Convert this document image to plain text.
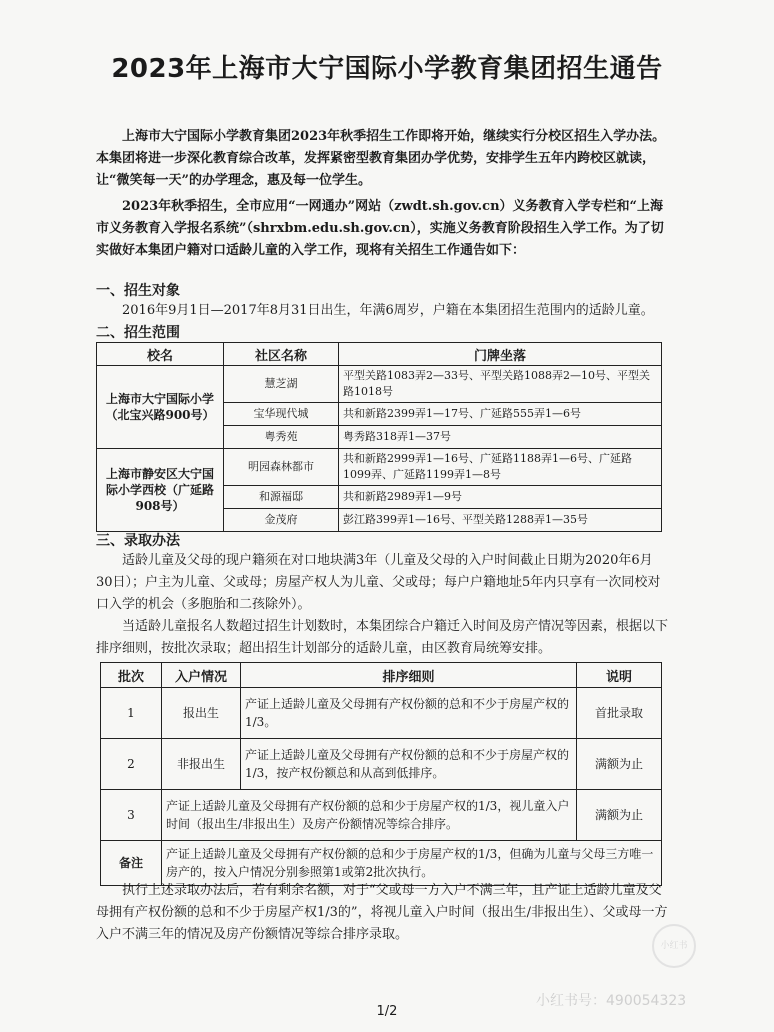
2023年上海市大宁国际小学教育集团招生通告
上海市大宁国际小学教育集团2023年秋季招生工作即将开始，继续实行分校区招生入学办法。本集团将进一步深化教育综合改革，发挥紧密型教育集团办学优势，安排学生五年内跨校区就读，让“微笑每一天”的办学理念，惠及每一位学生。
2023年秋季招生，全市应用“一网通办”网站（zwdt.sh.gov.cn）义务教育入学专栏和“上海市义务教育入学报名系统”（shrxbm.edu.sh.gov.cn），实施义务教育阶段招生入学工作。为了切实做好本集团户籍对口适龄儿童的入学工作，现将有关招生工作通告如下：
一、招生对象
2016年9月1日—2017年8月31日出生，年满6周岁，户籍在本集团招生范围内的适龄儿童。
二、招生范围
校名	社区名称	门牌坐落
上海市大宁国际小学（北宝兴路900号）	慧芝湖	平型关路1083弄2—33号、平型关路1088弄2—10号、平型关路1018号
	宝华现代城	共和新路2399弄1—17号、广延路555弄1—6号
	粤秀苑	粤秀路318弄1—37号
上海市静安区大宁国际小学西校（广延路908号）	明园森林都市	共和新路2999弄1—16号、广延路1188弄1—6号、广延路1099弄、广延路1199弄1—8号
	和源福邸	共和新路2989弄1—9号
	金茂府	彭江路399弄1—16号、平型关路1288弄1—35号
三、录取办法
适龄儿童及父母的现户籍须在对口地块满3年（儿童及父母的入户时间截止日期为2020年6月30日）；户主为儿童、父或母；房屋产权人为儿童、父或母；每户户籍地址5年内只享有一次同校对口入学的机会（多胞胎和二孩除外）。
当适龄儿童报名人数超过招生计划数时，本集团综合户籍迁入时间及房产情况等因素，根据以下排序细则，按批次录取；超出招生计划部分的适龄儿童，由区教育局统筹安排。
批次	入户情况	排序细则	说明
1	报出生	产证上适龄儿童及父母拥有产权份额的总和不少于房屋产权的1/3。	首批录取
2	非报出生	产证上适龄儿童及父母拥有产权份额的总和不少于房屋产权的1/3，按产权份额总和从高到低排序。	满额为止
3	产证上适龄儿童及父母拥有产权份额的总和少于房屋产权的1/3，视儿童入户时间（报出生/非报出生）及房产份额情况等综合排序。		满额为止
备注	产证上适龄儿童及父母拥有产权份额的总和少于房屋产权的1/3，但确为儿童与父母三方唯一房产的，按入户情况分别参照第1或第2批次执行。		
执行上述录取办法后，若有剩余名额，对于“父或母一方入户不满三年，且产证上适龄儿童及父母拥有产权份额的总和不少于房屋产权1/3的”，将视儿童入户时间（报出生/非报出生）、父或母一方入户不满三年的情况及房产份额情况等综合排序录取。
小红书
小红书号：490054323
1/2
